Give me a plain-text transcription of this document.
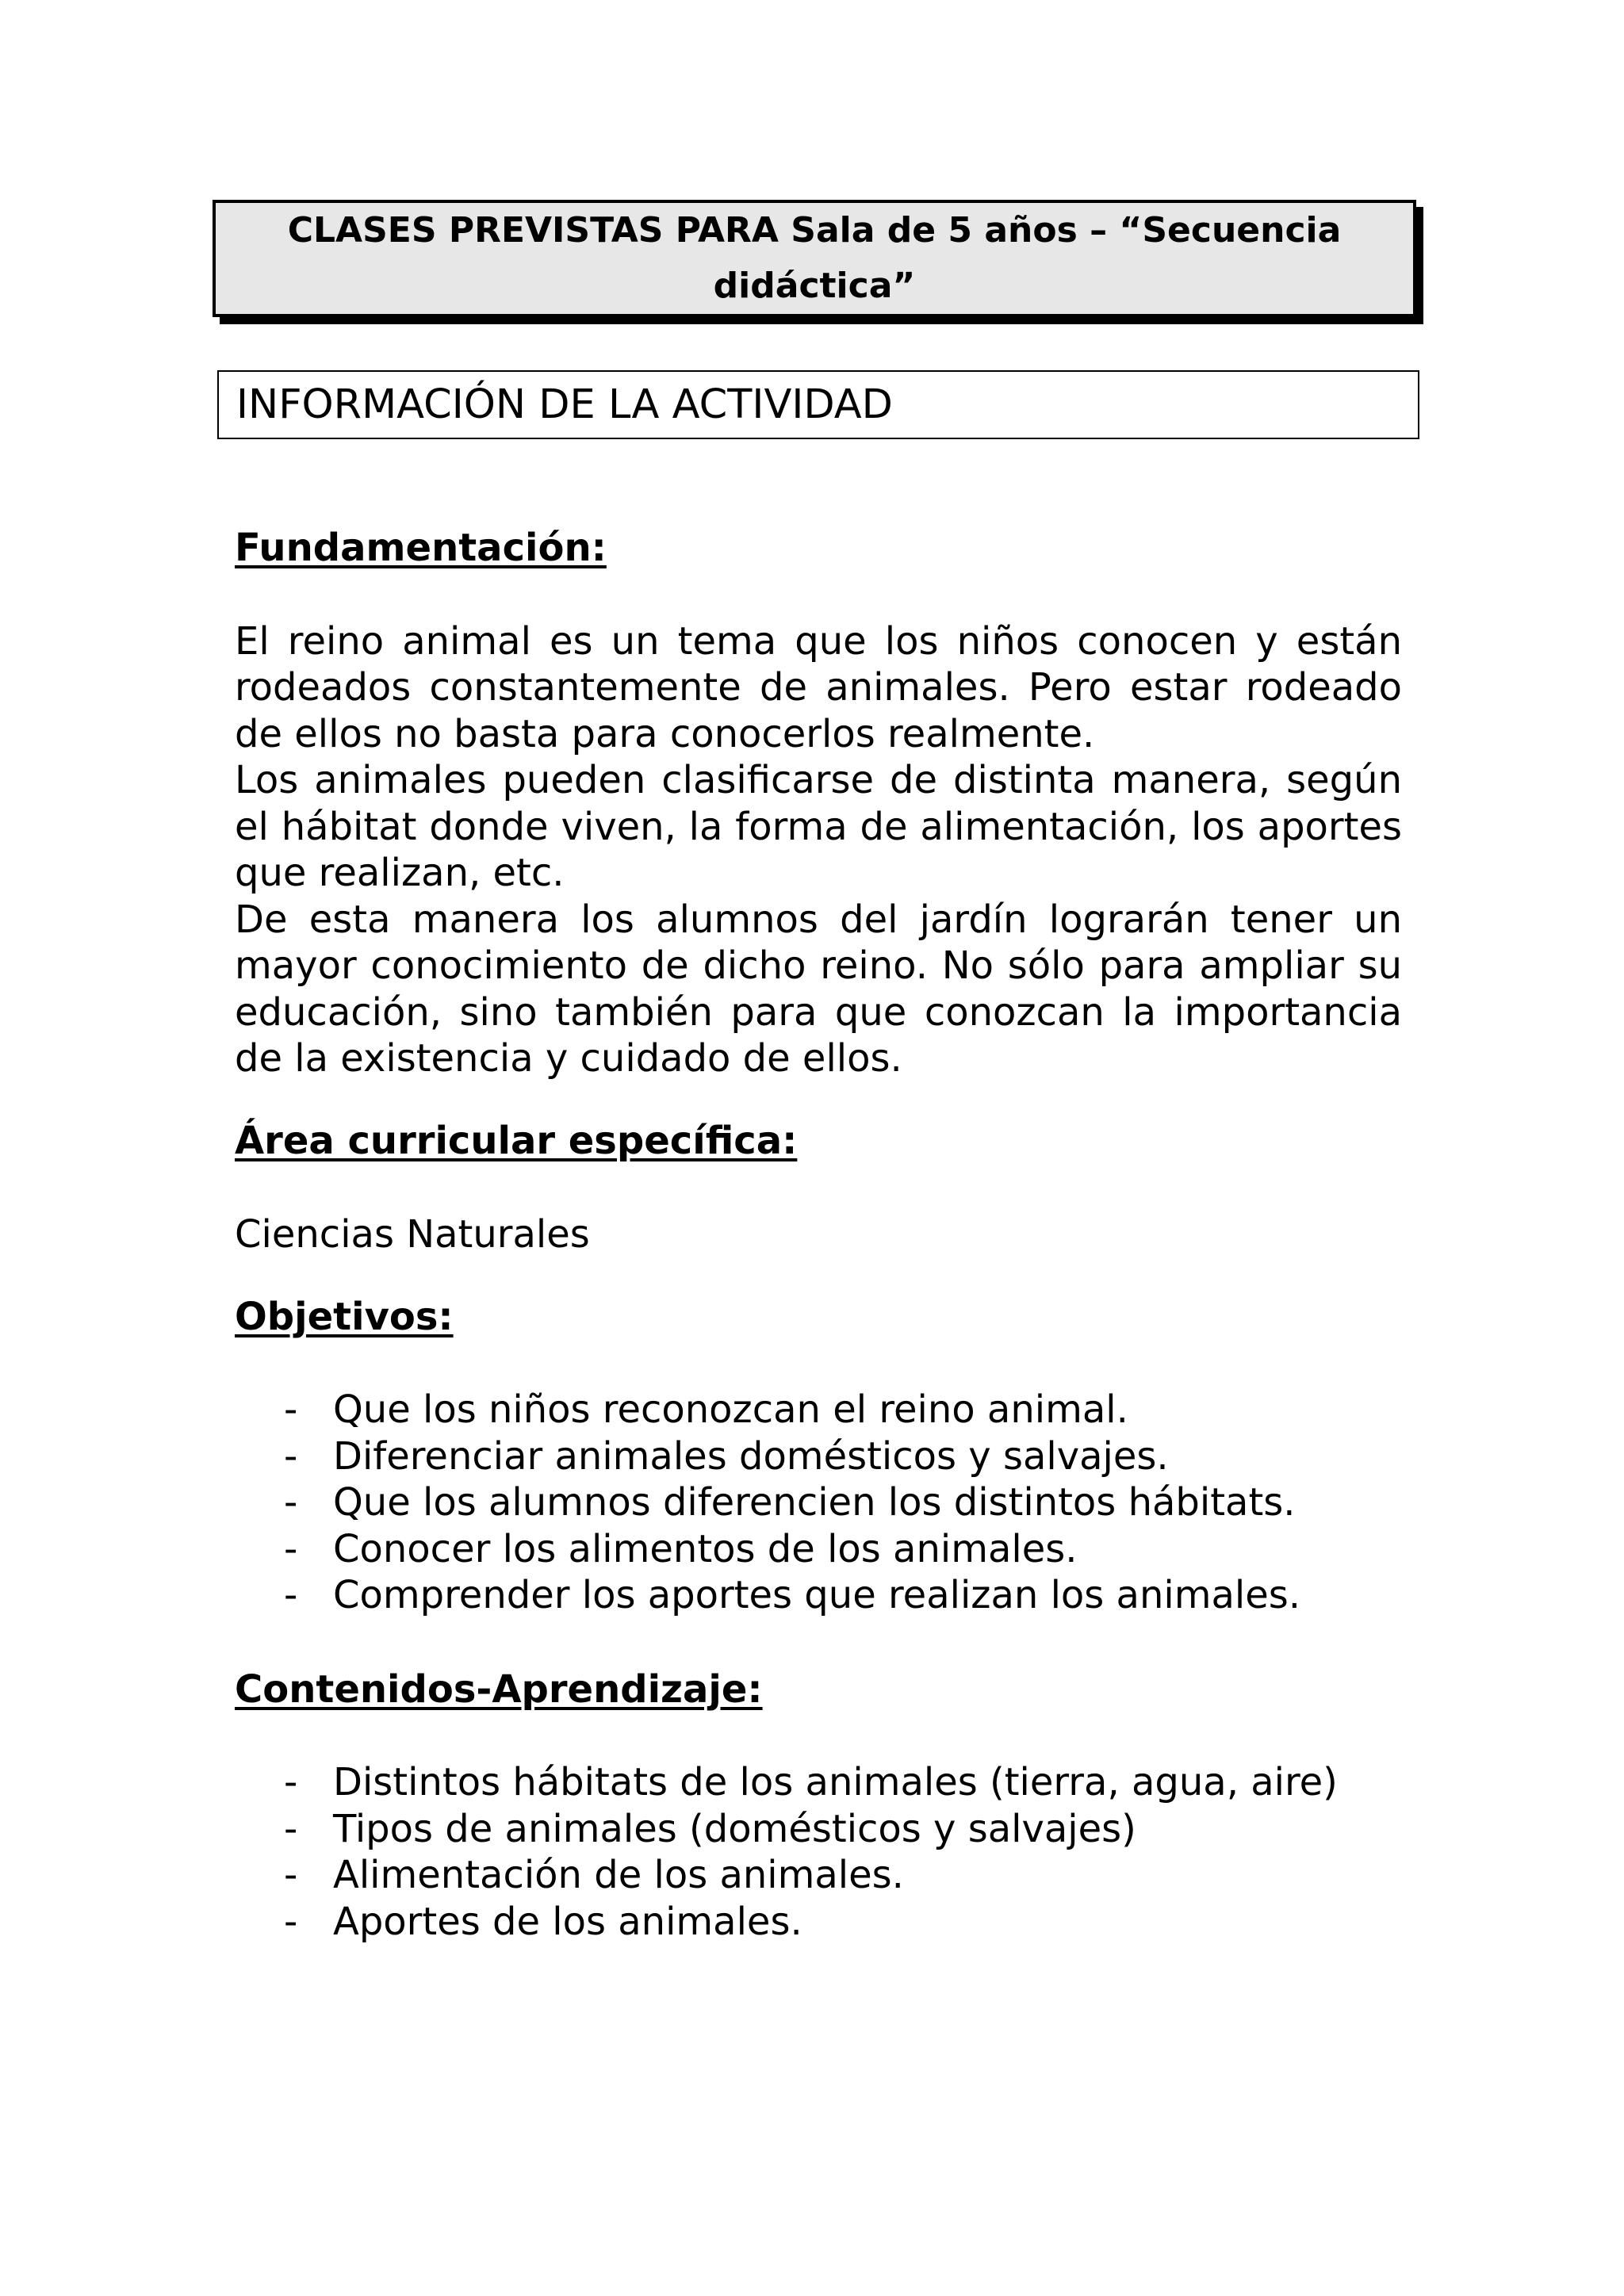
CLASES PREVISTAS PARA Sala de 5 años – “Secuencia didáctica”

INFORMACIÓN DE LA ACTIVIDAD

Fundamentación:

El reino animal es un tema que los niños conocen y están rodeados constantemente de animales. Pero estar rodeado de ellos no basta para conocerlos realmente.

Los animales pueden clasificarse de distinta manera, según el hábitat donde viven, la forma de alimentación, los aportes que realizan, etc.

De esta manera los alumnos del jardín lograrán tener un mayor conocimiento de dicho reino. No sólo para ampliar su educación, sino también para que conozcan la importancia de la existencia y cuidado de ellos.

Área curricular específica:

Ciencias Naturales

Objetivos:

- Que los niños reconozcan el reino animal.
- Diferenciar animales domésticos y salvajes.
- Que los alumnos diferencien los distintos hábitats.
- Conocer los alimentos de los animales.
- Comprender los aportes que realizan los animales.

Contenidos-Aprendizaje:

- Distintos hábitats de los animales (tierra, agua, aire)
- Tipos de animales (domésticos y salvajes)
- Alimentación de los animales.
- Aportes de los animales.
